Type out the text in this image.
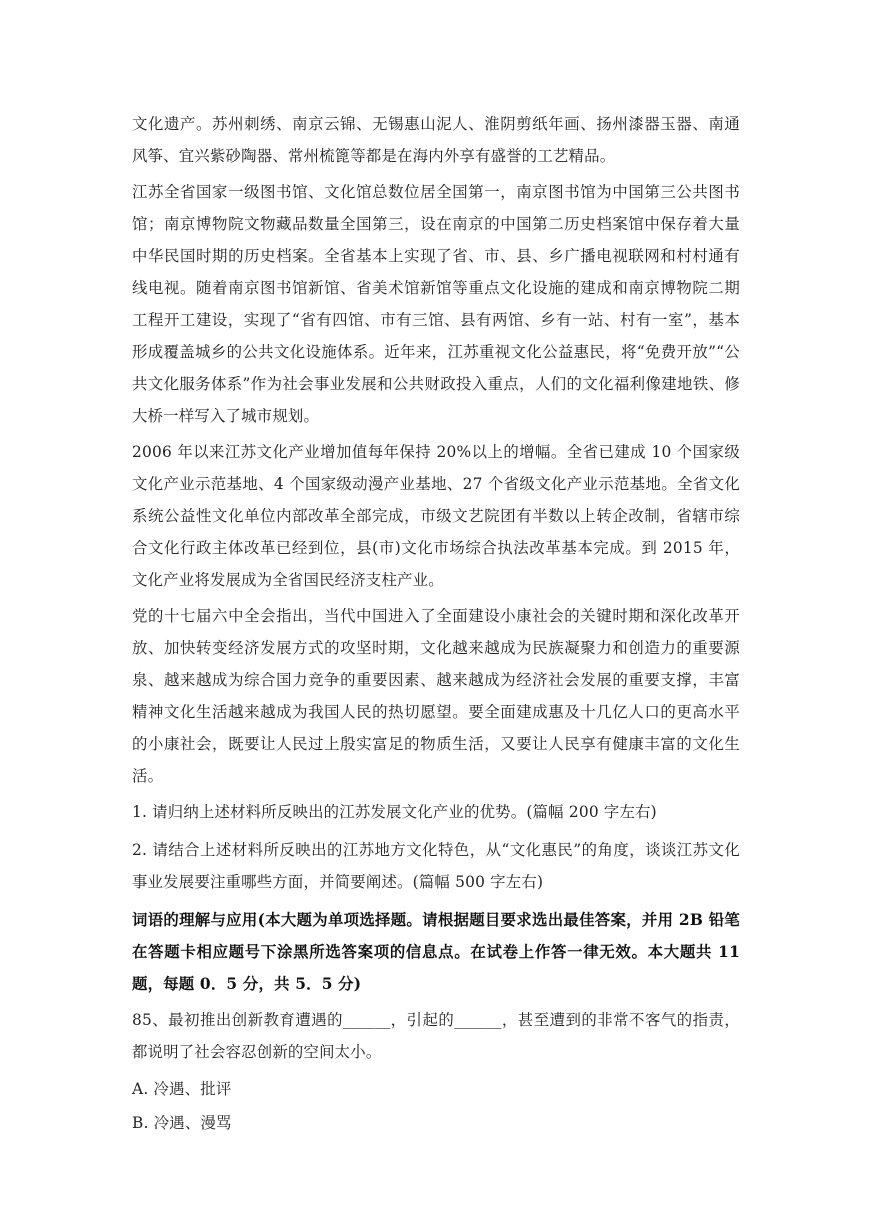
文化遗产。苏州刺绣、南京云锦、无锡惠山泥人、淮阴剪纸年画、扬州漆器玉器、南通风筝、宜兴紫砂陶器、常州梳篦等都是在海内外享有盛誉的工艺精品。

江苏全省国家一级图书馆、文化馆总数位居全国第一，南京图书馆为中国第三公共图书馆；南京博物院文物藏品数量全国第三，设在南京的中国第二历史档案馆中保存着大量中华民国时期的历史档案。全省基本上实现了省、市、县、乡广播电视联网和村村通有线电视。随着南京图书馆新馆、省美术馆新馆等重点文化设施的建成和南京博物院二期工程开工建设，实现了“省有四馆、市有三馆、县有两馆、乡有一站、村有一室”，基本形成覆盖城乡的公共文化设施体系。近年来，江苏重视文化公益惠民，将“免费开放”“公共文化服务体系”作为社会事业发展和公共财政投入重点，人们的文化福利像建地铁、修大桥一样写入了城市规划。

2006 年以来江苏文化产业增加值每年保持 20%以上的增幅。全省已建成 10 个国家级文化产业示范基地、4 个国家级动漫产业基地、27 个省级文化产业示范基地。全省文化系统公益性文化单位内部改革全部完成，市级文艺院团有半数以上转企改制，省辖市综合文化行政主体改革已经到位，县(市)文化市场综合执法改革基本完成。到 2015 年，文化产业将发展成为全省国民经济支柱产业。

党的十七届六中全会指出，当代中国进入了全面建设小康社会的关键时期和深化改革开放、加快转变经济发展方式的攻坚时期，文化越来越成为民族凝聚力和创造力的重要源泉、越来越成为综合国力竞争的重要因素、越来越成为经济社会发展的重要支撑，丰富精神文化生活越来越成为我国人民的热切愿望。要全面建成惠及十几亿人口的更高水平的小康社会，既要让人民过上殷实富足的物质生活，又要让人民享有健康丰富的文化生活。

1. 请归纳上述材料所反映出的江苏发展文化产业的优势。(篇幅 200 字左右)

2. 请结合上述材料所反映出的江苏地方文化特色，从“文化惠民”的角度，谈谈江苏文化事业发展要注重哪些方面，并简要阐述。(篇幅 500 字左右)

词语的理解与应用(本大题为单项选择题。请根据题目要求选出最佳答案，并用 2B 铅笔 在答题卡相应题号下涂黑所选答案项的信息点。在试卷上作答一律无效。本大题共 11 题，每题 0．5 分，共 5．5 分)

85、最初推出创新教育遭遇的______，引起的______，甚至遭到的非常不客气的指责，都说明了社会容忍创新的空间太小。

A. 冷遇、批评

B. 冷遇、漫骂
